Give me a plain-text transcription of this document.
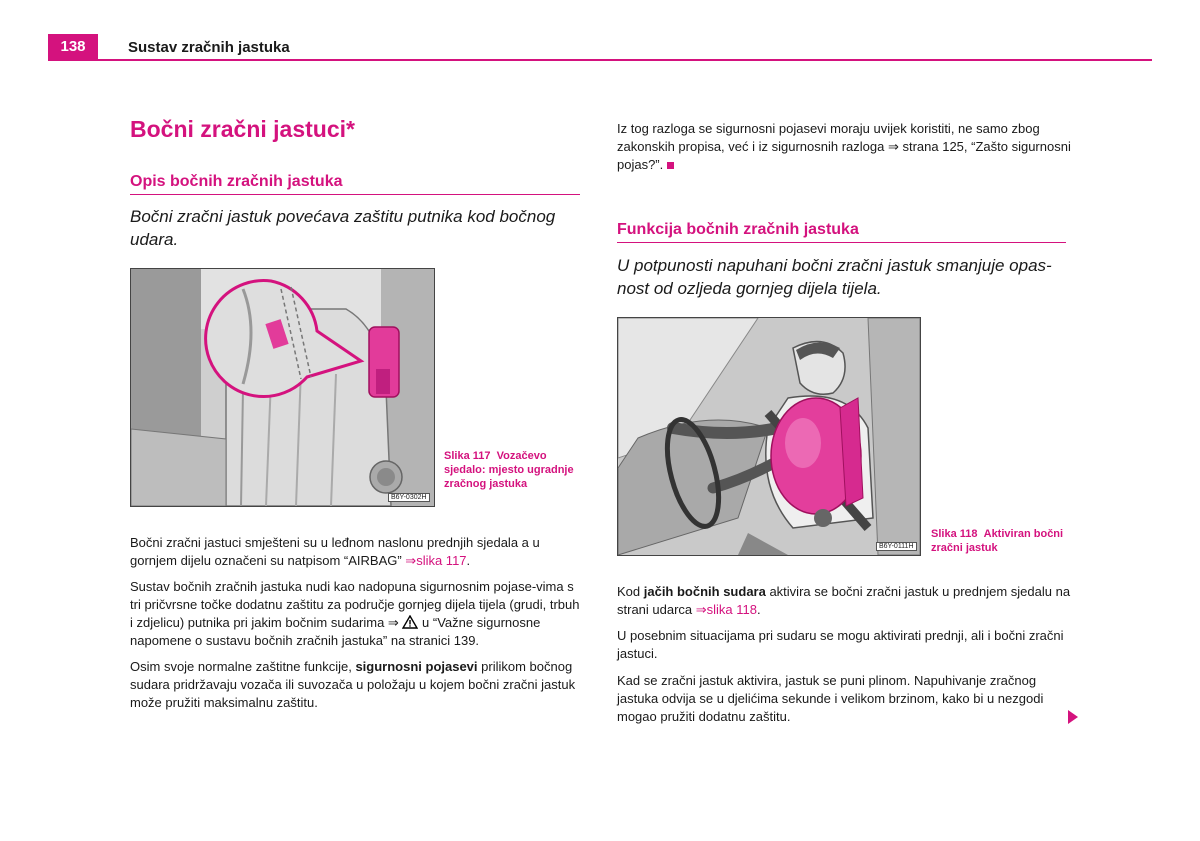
138	Sustav zračnih jastuka
Bočni zračni jastuci*
Opis bočnih zračnih jastuka

Bočni zračni jastuk povećava zaštitu putnika kod bočnog udara.

B6Y-0302H
Slika 117 Vozačevo sjedalo: mjesto ugradnje zračnog jastuka

Bočni zračni jastuci smješteni su u leđnom naslonu prednjih sjedala a u gornjem dijelu označeni su natpisom “AIRBAG” ⇒slika 117.

Sustav bočnih zračnih jastuka nudi kao nadopuna sigurnosnim pojase-vima s tri pričvrsne točke dodatnu zaštitu za područje gornjeg dijela tijela (grudi, trbuh i zdjelicu) putnika pri jakim bočnim sudarima ⇒  u “Važne sigurnosne napomene o sustavu bočnih zračnih jastuka” na stranici 139.

Osim svoje normalne zaštitne funkcije, sigurnosni pojasevi prilikom bočnog sudara pridržavaju vozača ili suvozača u položaju u kojem bočni zračni jastuk može pružiti maksimalnu zaštitu.

Iz tog razloga se sigurnosni pojasevi moraju uvijek koristiti, ne samo zbog zakonskih propisa, već i iz sigurnosnih razloga ⇒ strana 125, “Zašto sigurnosni pojas?”.

Funkcija bočnih zračnih jastuka

U potpunosti napuhani bočni zračni jastuk smanjuje opas-nost od ozljeda gornjeg dijela tijela.

B6Y-0111H
Slika 118 Aktiviran bočni zračni jastuk

Kod jačih bočnih sudara aktivira se bočni zračni jastuk u prednjem sjedalu na strani udarca ⇒slika 118.

U posebnim situacijama pri sudaru se mogu aktivirati prednji, ali i bočni zračni jastuci.

Kad se zračni jastuk aktivira, jastuk se puni plinom. Napuhivanje zračnog jastuka odvija se u djelićima sekunde i velikom brzinom, kako bi u nezgodi mogao pružiti dodatnu zaštitu.
